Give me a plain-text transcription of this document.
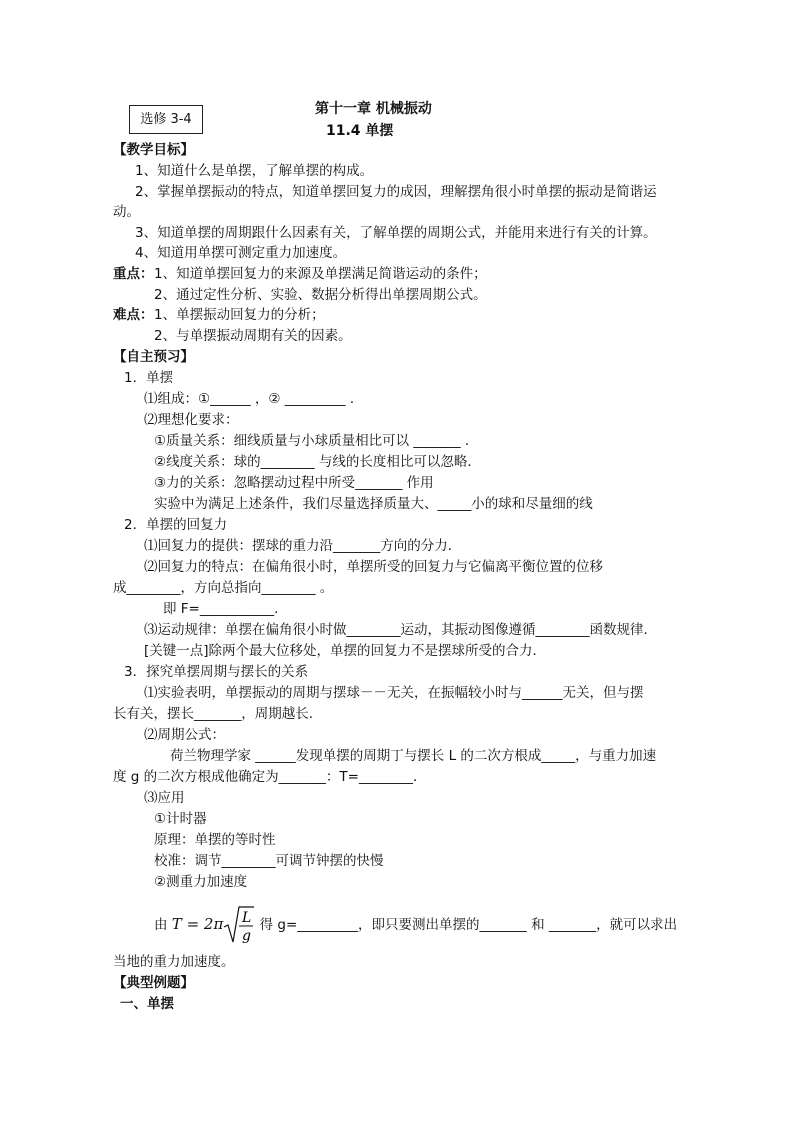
选修 3-4
第十一章 机械振动
11.4 单摆
【教学目标】
1、知道什么是单摆，了解单摆的构成。
2、掌握单摆振动的特点，知道单摆回复力的成因，理解摆角很小时单摆的振动是简谐运
动。
3、知道单摆的周期跟什么因素有关，了解单摆的周期公式，并能用来进行有关的计算。
4、知道用单摆可测定重力加速度。
重点： 1、知道单摆回复力的来源及单摆满足简谐运动的条件；
2、通过定性分析、实验、数据分析得出单摆周期公式。
难点： 1、单摆振动回复力的分析；
2、与单摆振动周期有关的因素。
【自主预习】
1．单摆
⑴组成：①______ ，② _________ ．
⑵理想化要求：
①质量关系：细线质量与小球质量相比可以 _______ ．
②线度关系：球的________ 与线的长度相比可以忽略．
③力的关系：忽略摆动过程中所受_______ 作用
实验中为满足上述条件，我们尽量选择质量大、_____小的球和尽量细的线
2．单摆的回复力
⑴回复力的提供：摆球的重力沿_______方向的分力．
⑵回复力的特点：在偏角很小时，单摆所受的回复力与它偏离平衡位置的位移
成________，方向总指向________ 。
即 F=___________.
⑶运动规律：单摆在偏角很小时做________运动，其振动图像遵循________函数规律．
[关键一点]除两个最大位移处，单摆的回复力不是摆球所受的合力．
3．探究单摆周期与摆长的关系
⑴实验表明，单摆振动的周期与摆球－－无关，在振幅较小时与______无关，但与摆
长有关，摆长_______，周期越长．
⑵周期公式：
荷兰物理学家 ______发现单摆的周期丁与摆长 L 的二次方根成_____，与重力加速
度 g 的二次方根成他确定为_______：T=________．
⑶应用
①计时器
原理：单摆的等时性
校准：调节________可调节钟摆的快慢
②测重力加速度
由 T = 2π L
g
得 g=_________，即只要测出单摆的_______ 和 _______，就可以求出
当地的重力加速度。
【典型例题】
一、单摆
